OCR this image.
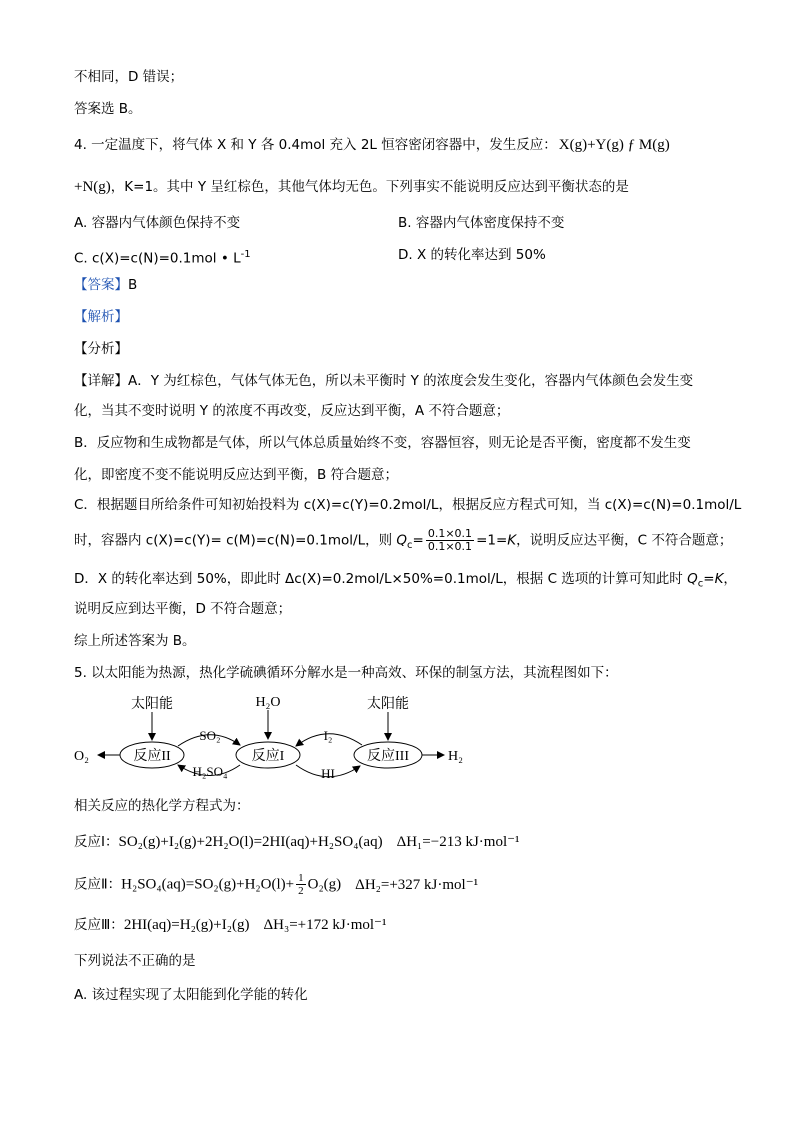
不相同，D 错误；
答案选 B。
4. 一定温度下，将气体 X 和 Y 各 0.4mol 充入 2L 恒容密闭容器中，发生反应： X(g)+Y(g) ƒ M(g)
+N(g)，K=1。其中 Y 呈红棕色，其他气体均无色。下列事实不能说明反应达到平衡状态的是
A. 容器内气体颜色保持不变	B. 容器内气体密度保持不变
C. c(X)=c(N)=0.1mol • $L^{-1}$	D. X 的转化率达到 50%
【答案】B
【解析】
【分析】
【详解】A．Y 为红棕色，气体气体无色，所以未平衡时 Y 的浓度会发生变化，容器内气体颜色会发生变
化，当其不变时说明 Y 的浓度不再改变，反应达到平衡，A 不符合题意；
B．反应物和生成物都是气体，所以气体总质量始终不变，容器恒容，则无论是否平衡，密度都不发生变
化，即密度不变不能说明反应达到平衡，B 符合题意；
C．根据题目所给条件可知初始投料为 c(X)=c(Y)=0.2mol/L，根据反应方程式可知，当 c(X)=c(N)=0.1mol/L
时，容器内 c(X)=c(Y)= c(M)=c(N)=0.1mol/L，则 $Q_c= \frac{0.1\times 0.1}{0.1\times 0.1} =1=K$，说明反应达平衡，C 不符合题意；
D．X 的转化率达到 50%，即此时 Δc(X)=0.2mol/L×50%=0.1mol/L，根据 C 选项的计算可知此时 $Q_c=K$，
说明反应到达平衡，D 不符合题意；
综上所述答案为 B。
5. 以太阳能为热源，热化学硫碘循环分解水是一种高效、环保的制氢方法，其流程图如下：
太阳能	H₂O	太阳能
反应II	反应I	反应III
O₂	H₂
SO₂
H₂SO₄
I₂
HI
相关反应的热化学方程式为：
反应Ⅰ：SO₂(g)+I₂(g)+2H₂O(l)=2HI(aq)+H₂SO₄(aq) ΔH₁=−213 kJ·mol⁻¹
反应Ⅱ：$H_2SO_4(aq)=SO_2(g)+H_2O(l)+ \frac{1}{2} O_2(g)$ ΔH₂=+327 kJ·mol⁻¹
反应Ⅲ：2HI(aq)=H₂(g)+I₂(g) ΔH₃=+172 kJ·mol⁻¹
下列说法不正确的是
A. 该过程实现了太阳能到化学能的转化
